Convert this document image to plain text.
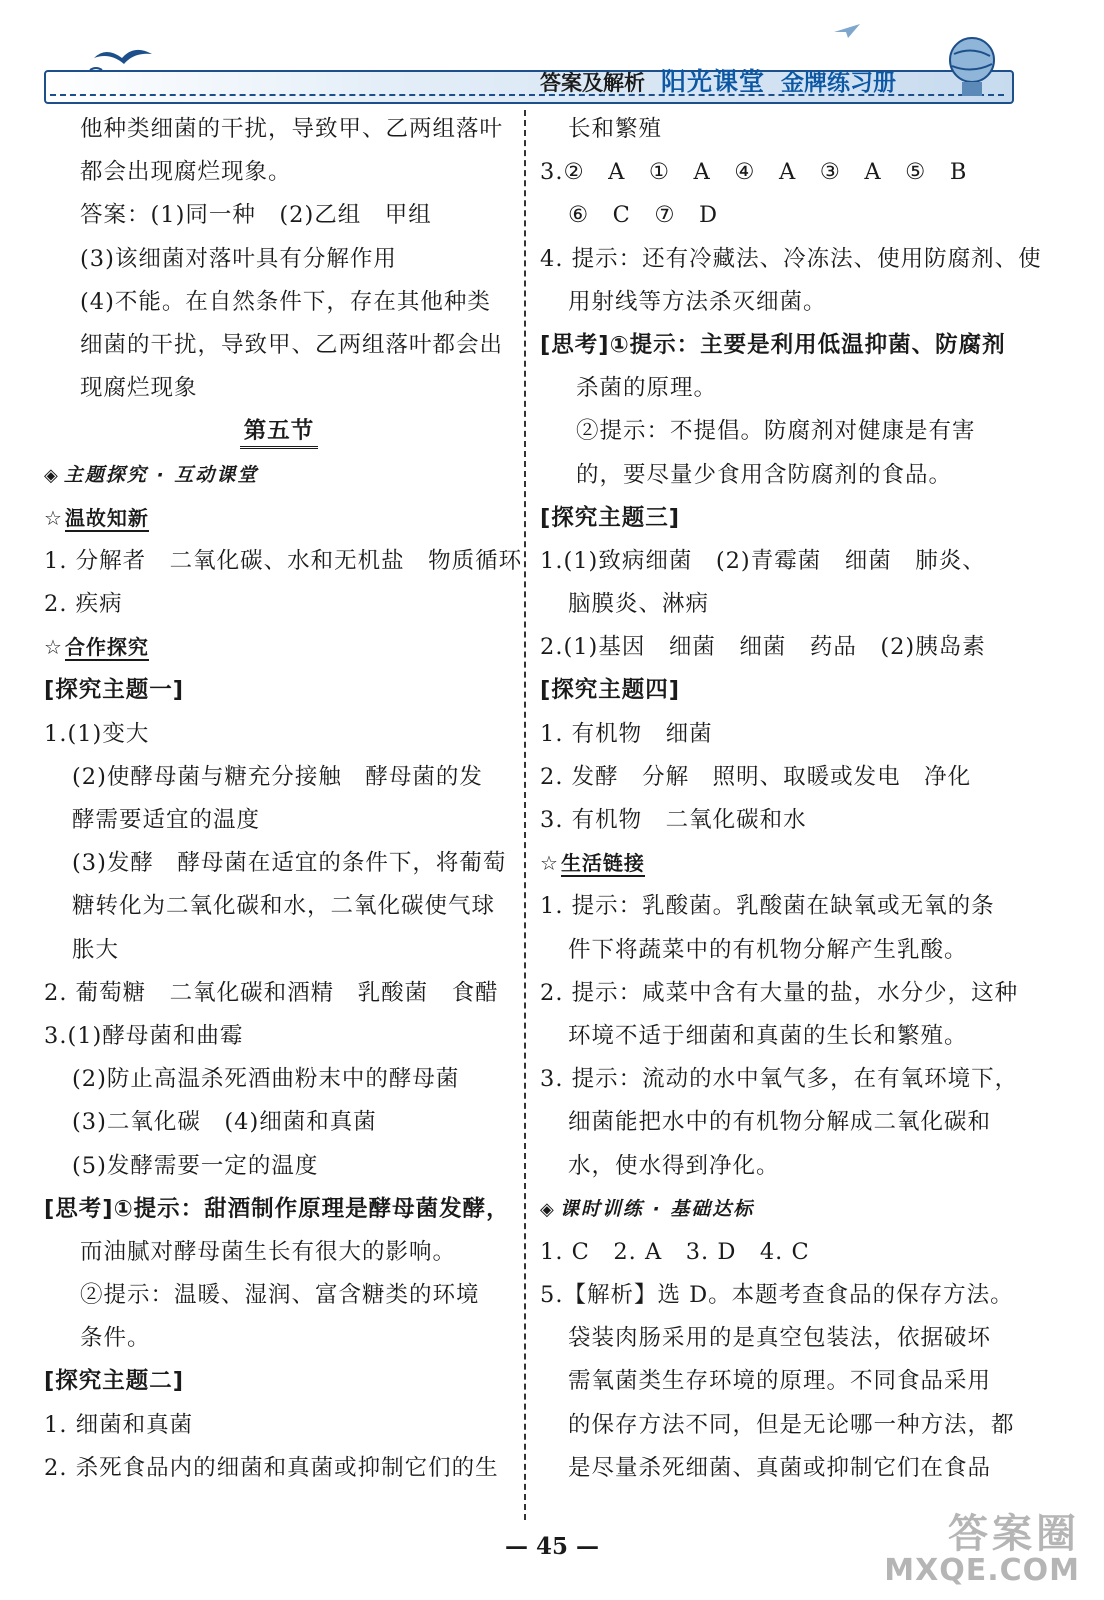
答案及解析 阳光课堂 金牌练习册
他种类细菌的干扰，导致甲、乙两组落叶
都会出现腐烂现象。
答案：(1)同一种　(2)乙组　甲组
(3)该细菌对落叶具有分解作用
(4)不能。在自然条件下，存在其他种类
细菌的干扰，导致甲、乙两组落叶都会出
现腐烂现象
第五节
◈ 主题探究 · 互动课堂
☆ 温故知新
1. 分解者　二氧化碳、水和无机盐　物质循环
2. 疾病
☆ 合作探究
[探究主题一]
1.(1)变大
(2)使酵母菌与糖充分接触　酵母菌的发
酵需要适宜的温度
(3)发酵　酵母菌在适宜的条件下，将葡萄
糖转化为二氧化碳和水，二氧化碳使气球
胀大
2. 葡萄糖　二氧化碳和酒精　乳酸菌　食醋
3.(1)酵母菌和曲霉
(2)防止高温杀死酒曲粉末中的酵母菌
(3)二氧化碳　(4)细菌和真菌
(5)发酵需要一定的温度
[思考]①提示：甜酒制作原理是酵母菌发酵，
而油腻对酵母菌生长有很大的影响。
②提示：温暖、湿润、富含糖类的环境
条件。
[探究主题二]
1. 细菌和真菌
2. 杀死食品内的细菌和真菌或抑制它们的生
长和繁殖
3.②　A　①　A　④　A　③　A　⑤　B
⑥　C　⑦　D
4. 提示：还有冷藏法、冷冻法、使用防腐剂、使
用射线等方法杀灭细菌。
[思考]①提示：主要是利用低温抑菌、防腐剂
杀菌的原理。
②提示：不提倡。防腐剂对健康是有害
的，要尽量少食用含防腐剂的食品。
[探究主题三]
1.(1)致病细菌　(2)青霉菌　细菌　肺炎、
脑膜炎、淋病
2.(1)基因　细菌　细菌　药品　(2)胰岛素
[探究主题四]
1. 有机物　细菌
2. 发酵　分解　照明、取暖或发电　净化
3. 有机物　二氧化碳和水
☆ 生活链接
1. 提示：乳酸菌。乳酸菌在缺氧或无氧的条
件下将蔬菜中的有机物分解产生乳酸。
2. 提示：咸菜中含有大量的盐，水分少，这种
环境不适于细菌和真菌的生长和繁殖。
3. 提示：流动的水中氧气多，在有氧环境下，
细菌能把水中的有机物分解成二氧化碳和
水，使水得到净化。
◈ 课时训练 · 基础达标
1. C　2. A　3. D　4. C
5.【解析】选 D。本题考查食品的保存方法。
袋装肉肠采用的是真空包装法，依据破坏
需氧菌类生存环境的原理。不同食品采用
的保存方法不同，但是无论哪一种方法，都
是尽量杀死细菌、真菌或抑制它们在食品
— 45 —	答案圈
MXQE.COM
